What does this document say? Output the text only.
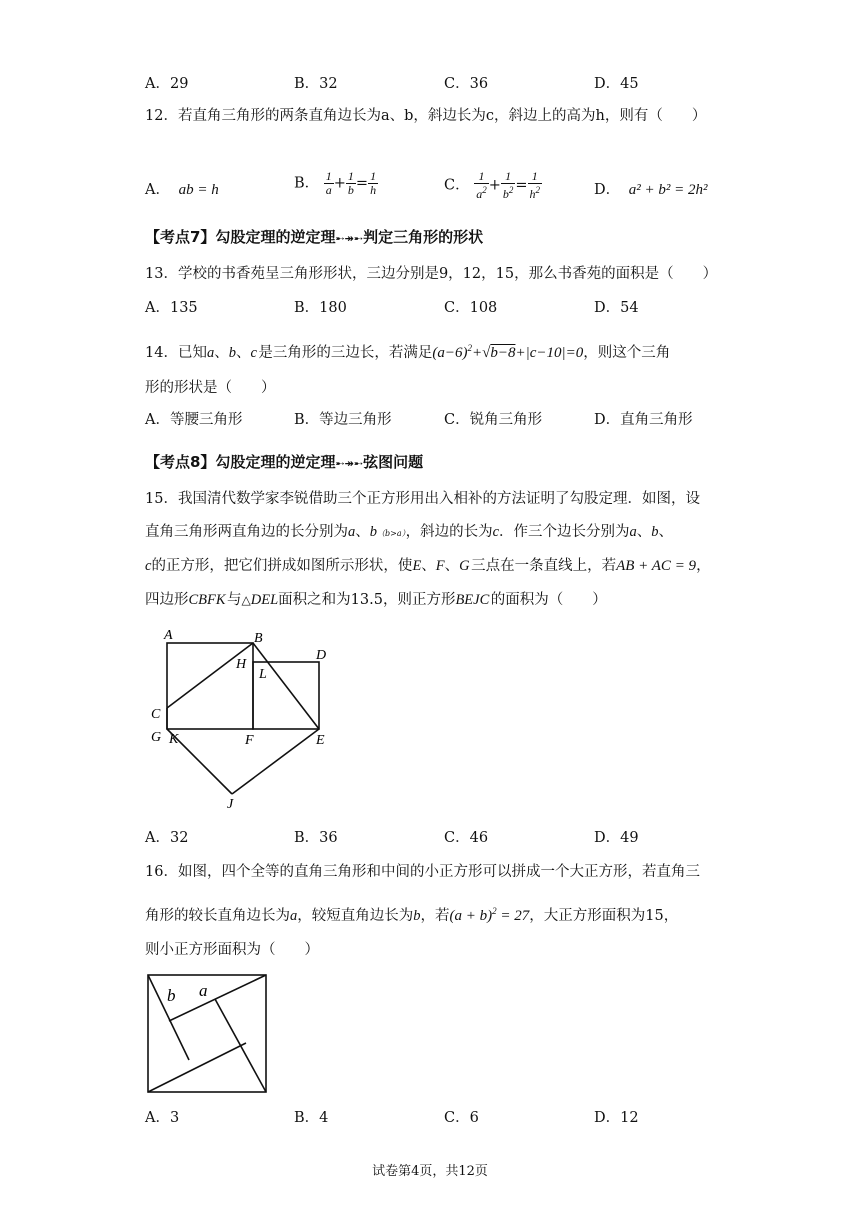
A．29	B．32	C．36	D．45
12．若直角三角形的两条直角边长为a、b，斜边长为c，斜边上的高为h，则有（　　）
A． ab = h	B． $\frac{1}{a} + \frac{1}{b} = \frac{1}{h}$	C． $\frac{1}{a^2} + \frac{1}{b^2} = \frac{1}{h^2}$	D． a² + b² = 2h²
【考点7】勾股定理的逆定理➸↠➸判定三角形的形状
13．学校的书香苑呈三角形形状，三边分别是9，12，15，那么书香苑的面积是（　　）
A．135	B．180	C．108	D．54
14．已知a、b、c 是三角形的三边长，若满足$(a-6)^2+√b-8+|c-10|=0$，则这个三角
形的形状是（　　）
A．等腰三角形	B．等边三角形	C．锐角三角形	D．直角三角形
【考点8】勾股定理的逆定理➸↠➸弦图问题
15．我国清代数学家李锐借助三个正方形用出入相补的方法证明了勾股定理．如图，设
直角三角形两直角边的长分别为a、b（b>a），斜边的长为c．作三个边长分别为a、b、
c的正方形，把它们拼成如图所示形状，使E、F、G 三点在一条直线上，若AB + AC = 9，
四边形CBFK 与△DEL面积之和为13.5，则正方形BEJC 的面积为（　　）
A	B
H
D
L
C
G K	F	E
J
A．32	B．36	C．46	D．49
16．如图，四个全等的直角三角形和中间的小正方形可以拼成一个大正方形，若直角三
角形的较长直角边长为a，较短直角边长为b，若$(a + b)^2 = 27$，大正方形面积为15，
则小正方形面积为（　　）
b a
A．3	B．4	C．6	D．12
试卷第4页，共12页
